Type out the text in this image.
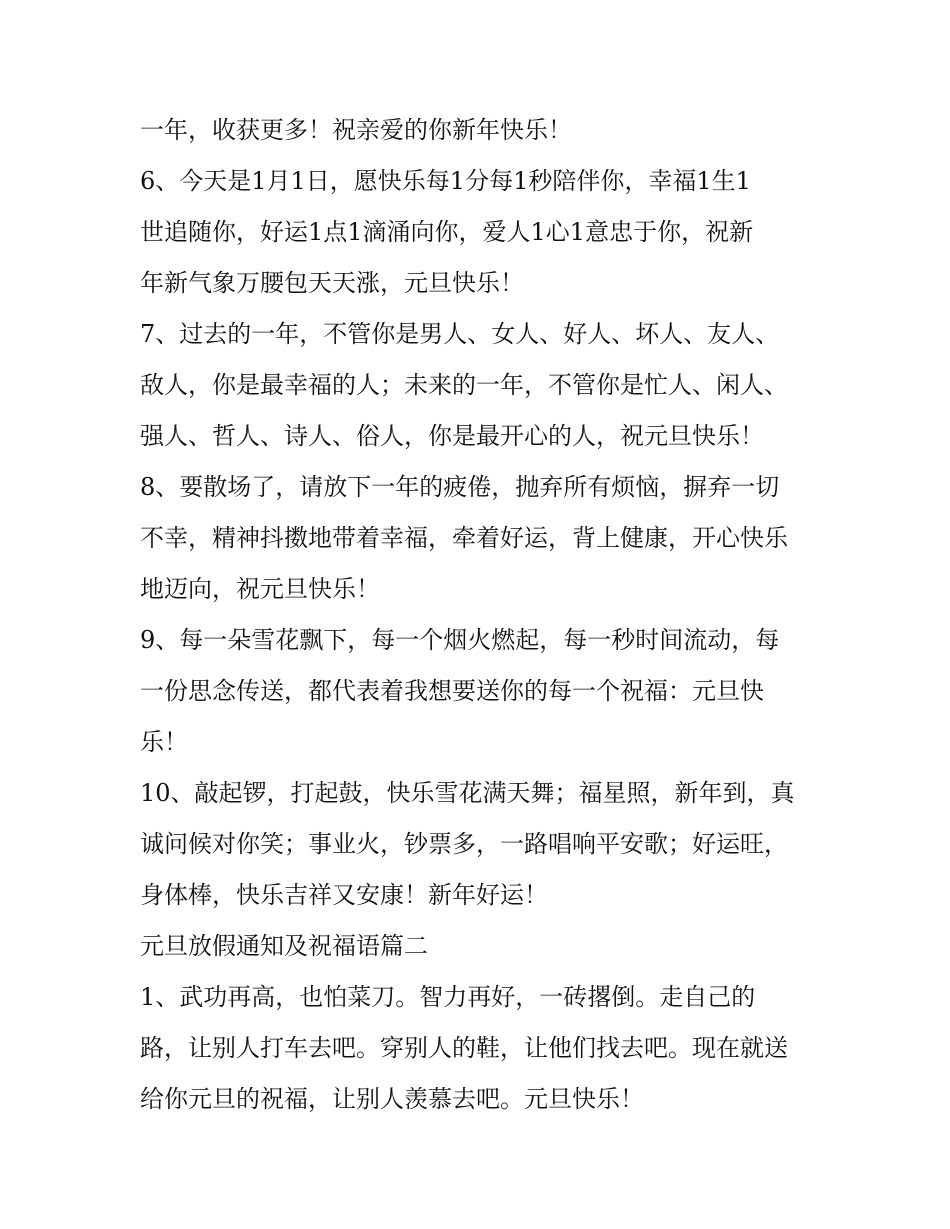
一年，收获更多！祝亲爱的你新年快乐！
6、今天是1月1日，愿快乐每1分每1秒陪伴你，幸福1生1
世追随你，好运1点1滴涌向你，爱人1心1意忠于你，祝新
年新气象万腰包天天涨，元旦快乐！
7、过去的一年，不管你是男人、女人、好人、坏人、友人、
敌人，你是最幸福的人；未来的一年，不管你是忙人、闲人、
强人、哲人、诗人、俗人，你是最开心的人，祝元旦快乐！
8、要散场了，请放下一年的疲倦，抛弃所有烦恼，摒弃一切
不幸，精神抖擞地带着幸福，牵着好运，背上健康，开心快乐
地迈向，祝元旦快乐！
9、每一朵雪花飘下，每一个烟火燃起，每一秒时间流动，每
一份思念传送，都代表着我想要送你的每一个祝福：元旦快
乐！
10、敲起锣，打起鼓，快乐雪花满天舞；福星照，新年到，真
诚问候对你笑；事业火，钞票多，一路唱响平安歌；好运旺，
身体棒，快乐吉祥又安康！新年好运！
元旦放假通知及祝福语篇二
1、武功再高，也怕菜刀。智力再好，一砖撂倒。走自己的
路，让别人打车去吧。穿别人的鞋，让他们找去吧。现在就送
给你元旦的祝福，让别人羡慕去吧。元旦快乐！
